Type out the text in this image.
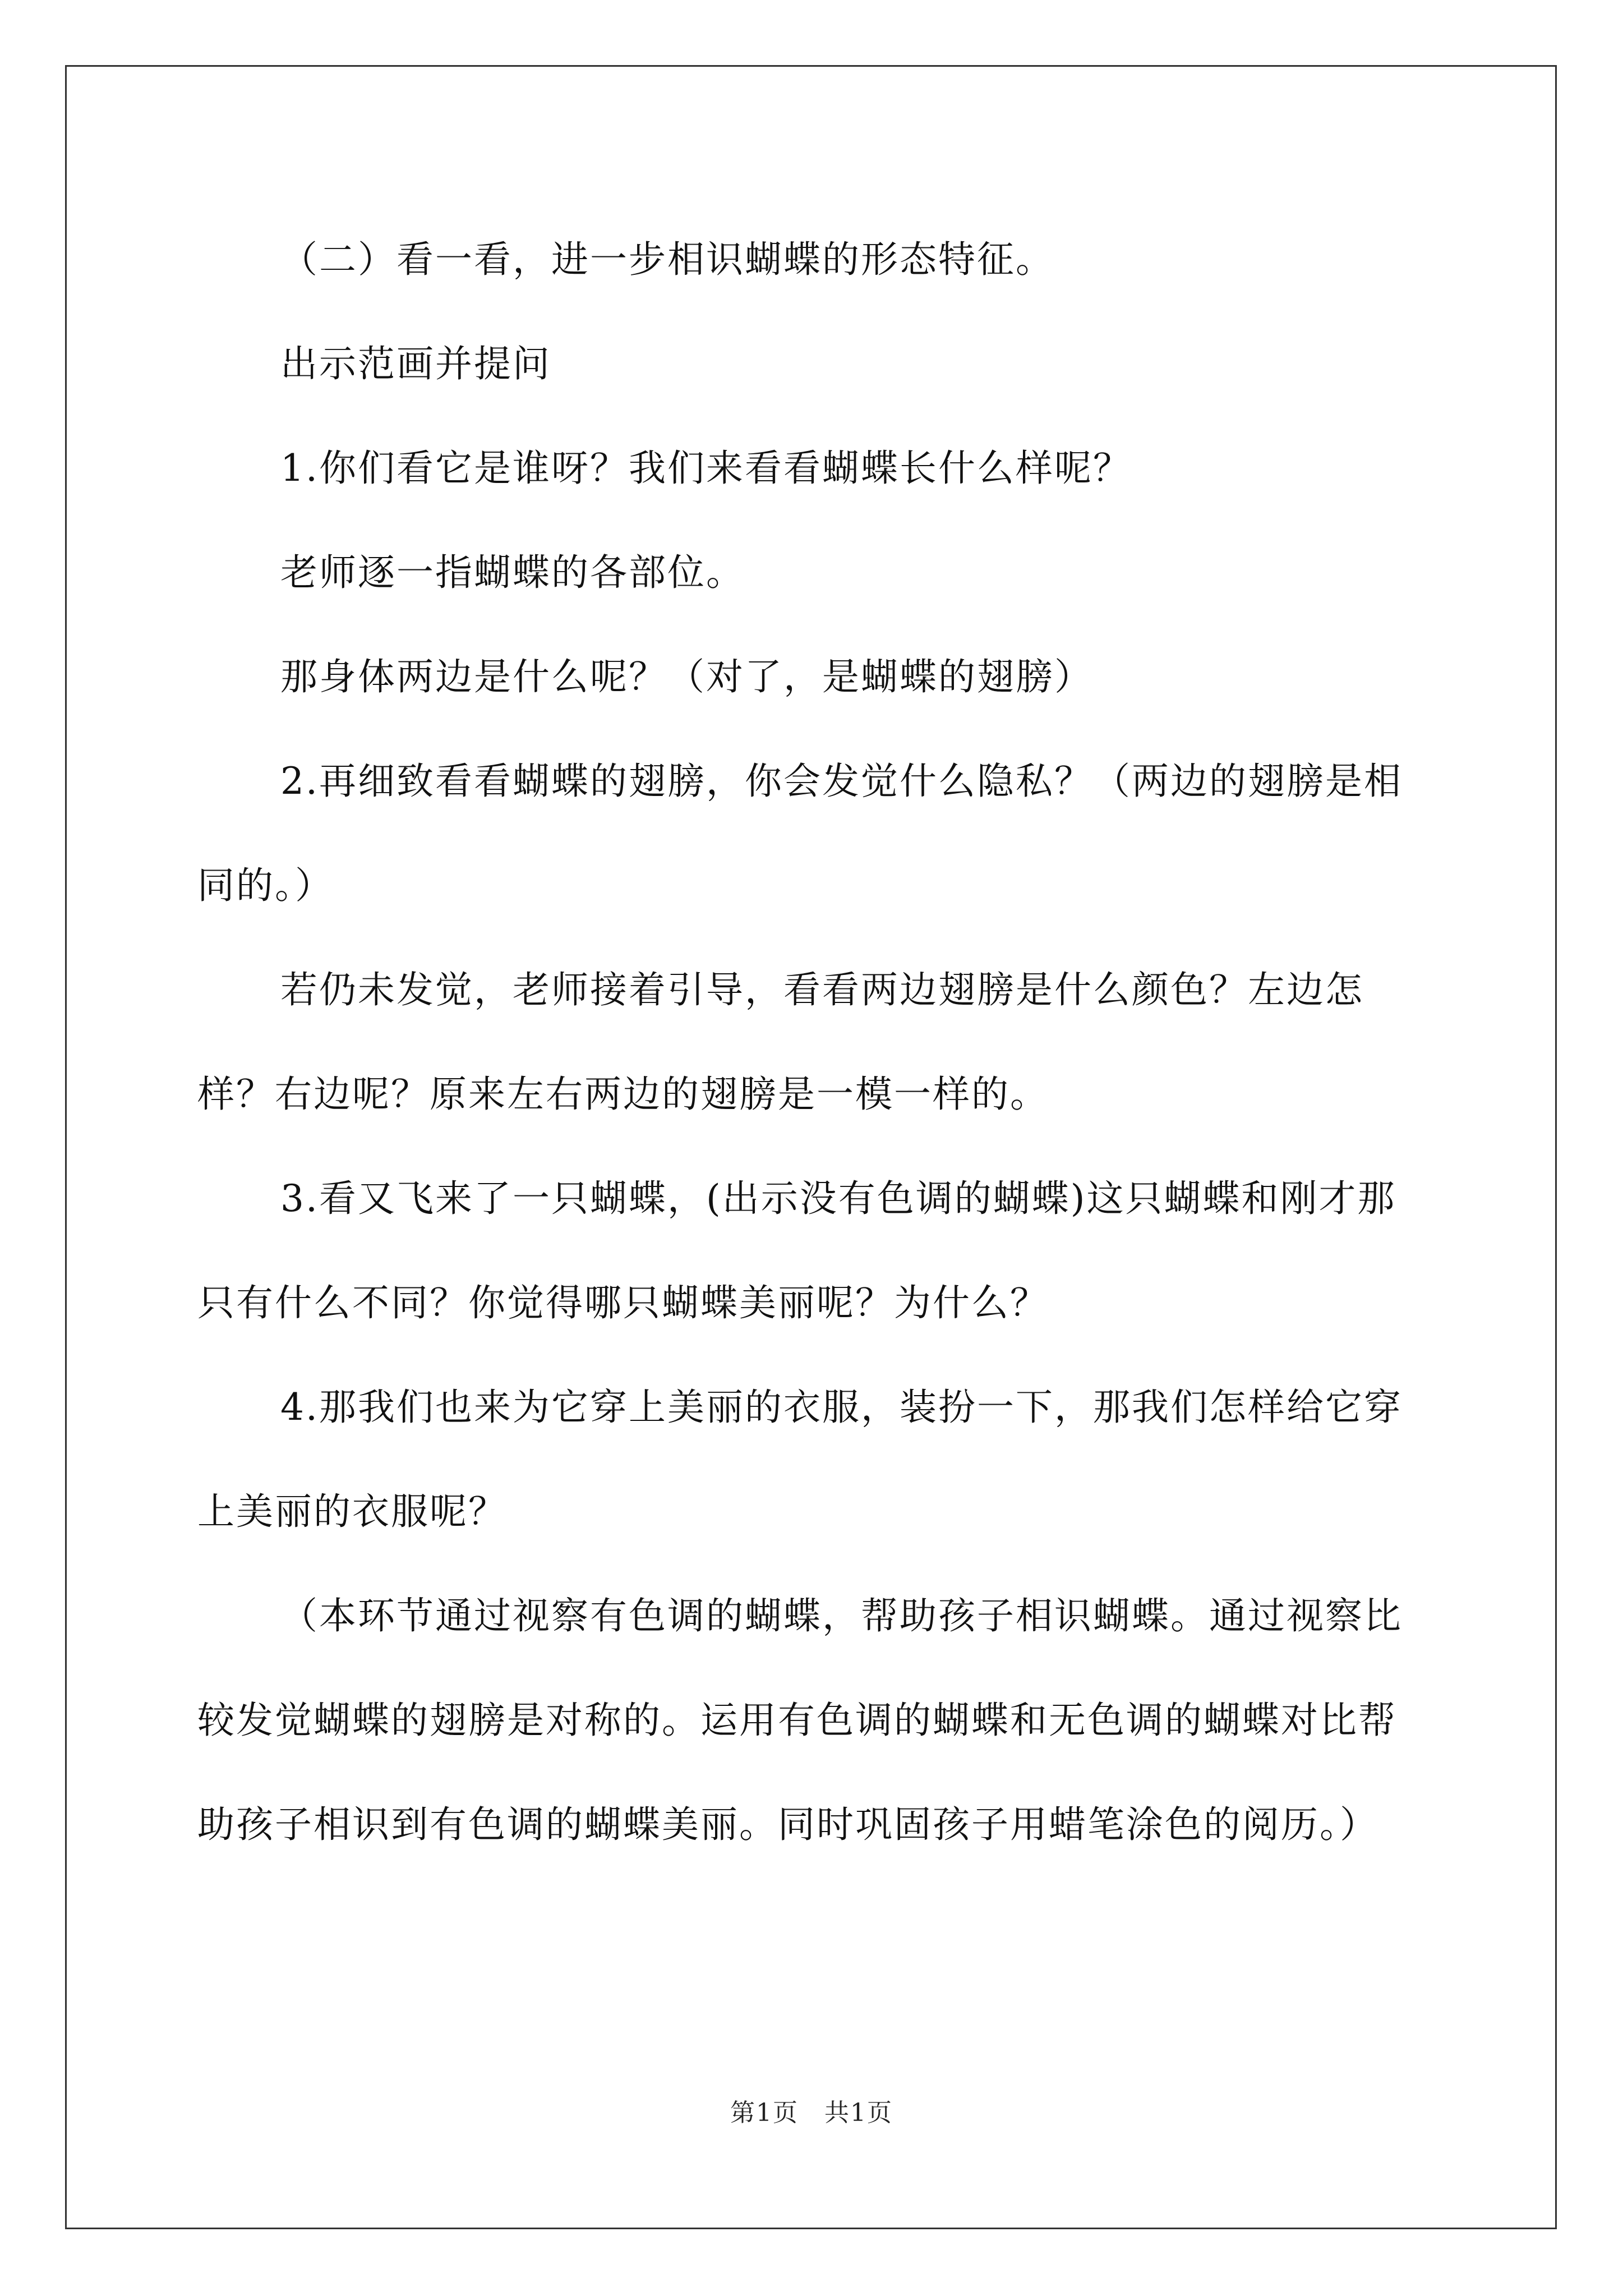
（二）看一看，进一步相识蝴蝶的形态特征。

出示范画并提问

1.你们看它是谁呀？我们来看看蝴蝶长什么样呢？

老师逐一指蝴蝶的各部位。

那身体两边是什么呢？（对了，是蝴蝶的翅膀）

2.再细致看看蝴蝶的翅膀，你会发觉什么隐私？（两边的翅膀是相同的。）

若仍未发觉，老师接着引导，看看两边翅膀是什么颜色？左边怎样？右边呢？原来左右两边的翅膀是一模一样的。

3.看又飞来了一只蝴蝶，(出示没有色调的蝴蝶)这只蝴蝶和刚才那只有什么不同？你觉得哪只蝴蝶美丽呢？为什么？

4.那我们也来为它穿上美丽的衣服，装扮一下，那我们怎样给它穿上美丽的衣服呢？

（本环节通过视察有色调的蝴蝶，帮助孩子相识蝴蝶。通过视察比较发觉蝴蝶的翅膀是对称的。运用有色调的蝴蝶和无色调的蝴蝶对比帮助孩子相识到有色调的蝴蝶美丽。同时巩固孩子用蜡笔涂色的阅历。）

第1页　共1页
